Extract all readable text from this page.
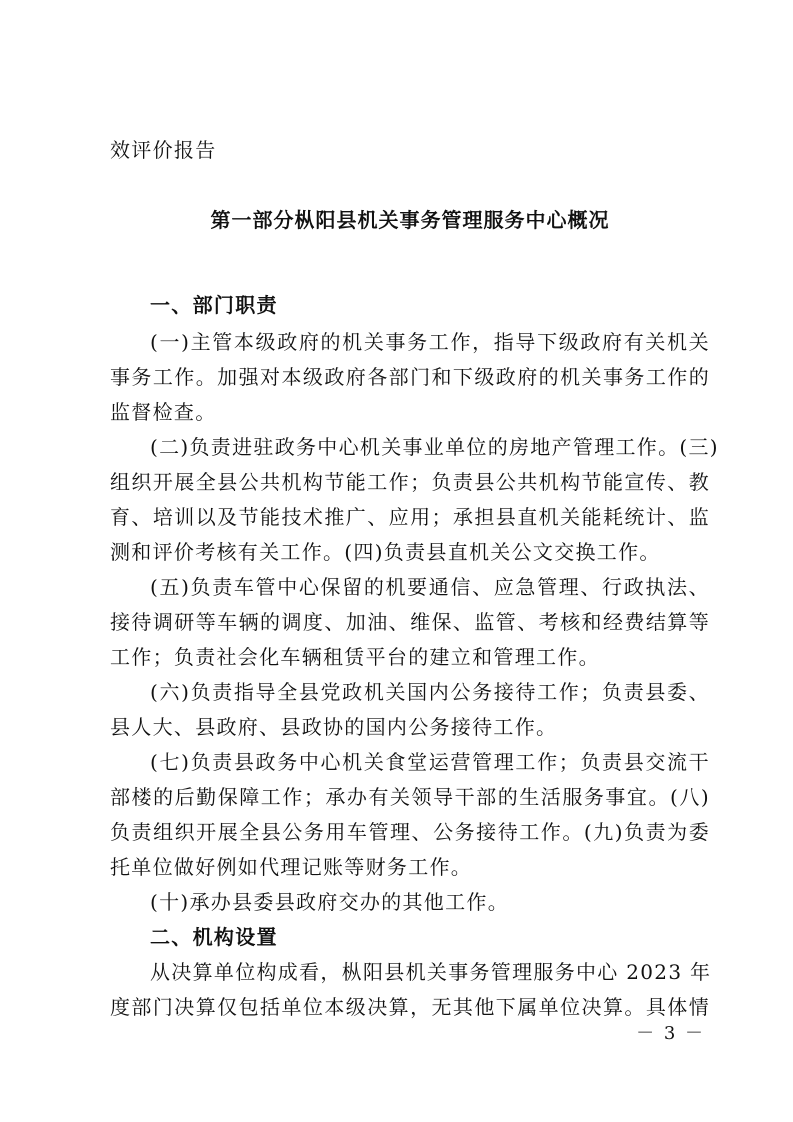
效评价报告
第一部分枞阳县机关事务管理服务中心概况
一、部门职责
(一)主管本级政府的机关事务工作，指导下级政府有关机关
事务工作。加强对本级政府各部门和下级政府的机关事务工作的
监督检查。
(二)负责进驻政务中心机关事业单位的房地产管理工作。(三)
组织开展全县公共机构节能工作；负责县公共机构节能宣传、教
育、培训以及节能技术推广、应用；承担县直机关能耗统计、监
测和评价考核有关工作。(四)负责县直机关公文交换工作。
(五)负责车管中心保留的机要通信、应急管理、行政执法、
接待调研等车辆的调度、加油、维保、监管、考核和经费结算等
工作；负责社会化车辆租赁平台的建立和管理工作。
(六)负责指导全县党政机关国内公务接待工作；负责县委、
县人大、县政府、县政协的国内公务接待工作。
(七)负责县政务中心机关食堂运营管理工作；负责县交流干
部楼的后勤保障工作；承办有关领导干部的生活服务事宜。(八)
负责组织开展全县公务用车管理、公务接待工作。(九)负责为委
托单位做好例如代理记账等财务工作。
(十)承办县委县政府交办的其他工作。
二、机构设置
从决算单位构成看，枞阳县机关事务管理服务中心 2023 年
度部门决算仅包括单位本级决算，无其他下属单位决算。具体情
－ 3 －
